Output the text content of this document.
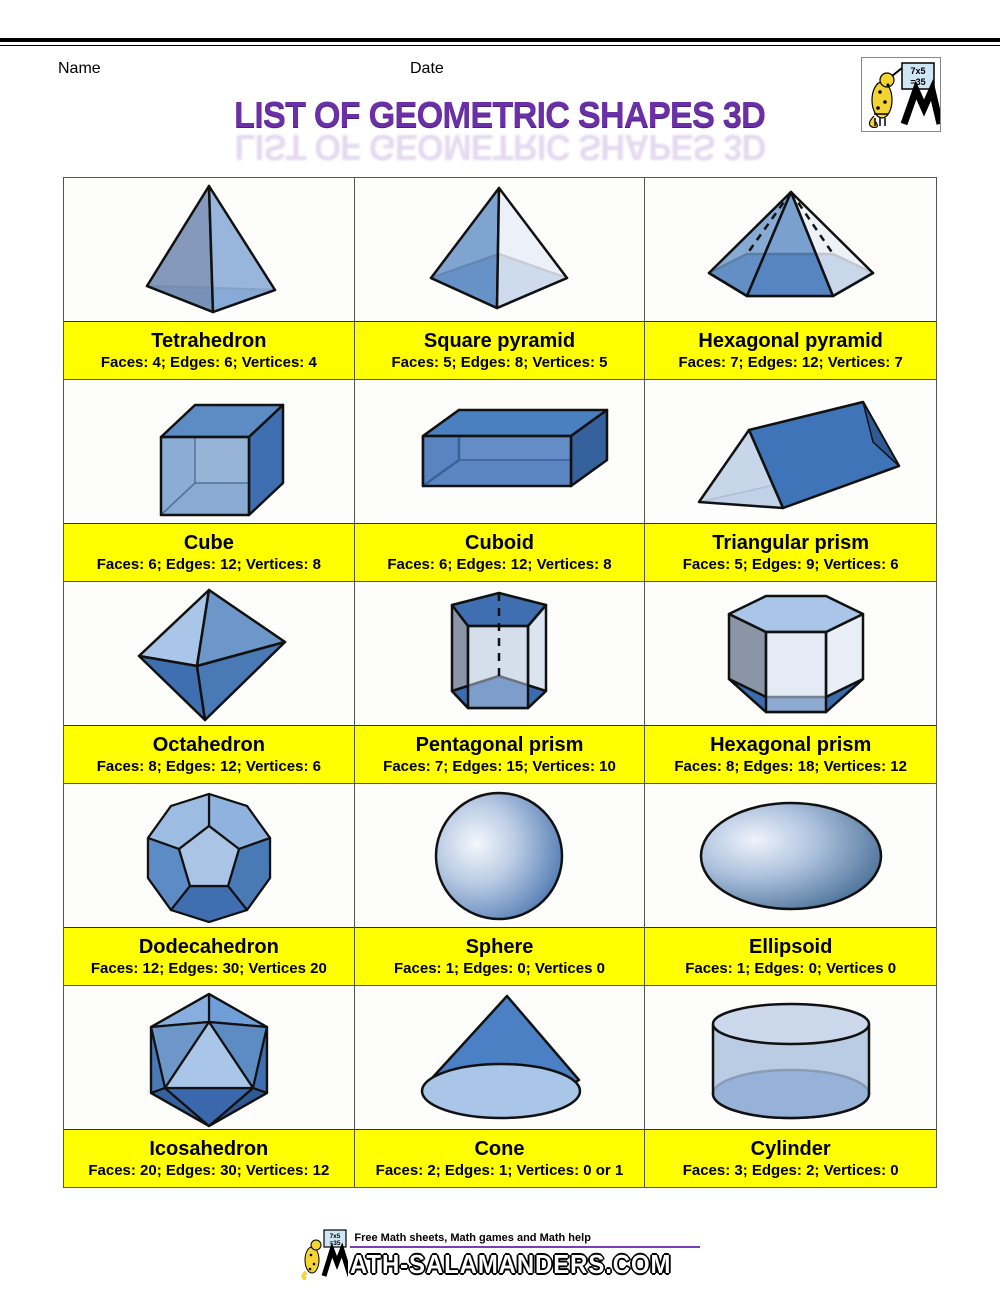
Name	Date	7x5
=35
LIST OF GEOMETRIC SHAPES 3D
LIST OF GEOMETRIC SHAPES 3D
Tetrahedron
Faces: 4; Edges: 6; Vertices: 4
Square pyramid
Faces: 5; Edges: 8; Vertices: 5
Hexagonal pyramid
Faces: 7; Edges: 12; Vertices: 7
Cube
Faces: 6; Edges: 12; Vertices: 8
Cuboid
Faces: 6; Edges: 12; Vertices: 8
Triangular prism
Faces: 5; Edges: 9; Vertices: 6
Octahedron
Faces: 8; Edges: 12; Vertices: 6
Pentagonal prism
Faces: 7; Edges: 15; Vertices: 10
Hexagonal prism
Faces: 8; Edges: 18; Vertices: 12
Dodecahedron
Faces: 12; Edges: 30; Vertices 20
Sphere
Faces: 1; Edges: 0; Vertices 0
Ellipsoid
Faces: 1; Edges: 0; Vertices 0
Icosahedron
Faces: 20; Edges: 30; Vertices: 12
Cone
Faces: 2; Edges: 1; Vertices: 0 or 1
Cylinder
Faces: 3; Edges: 2; Vertices: 0
7x5
=35	Free Math sheets, Math games and Math help
ATH-SALAMANDERS.COM
